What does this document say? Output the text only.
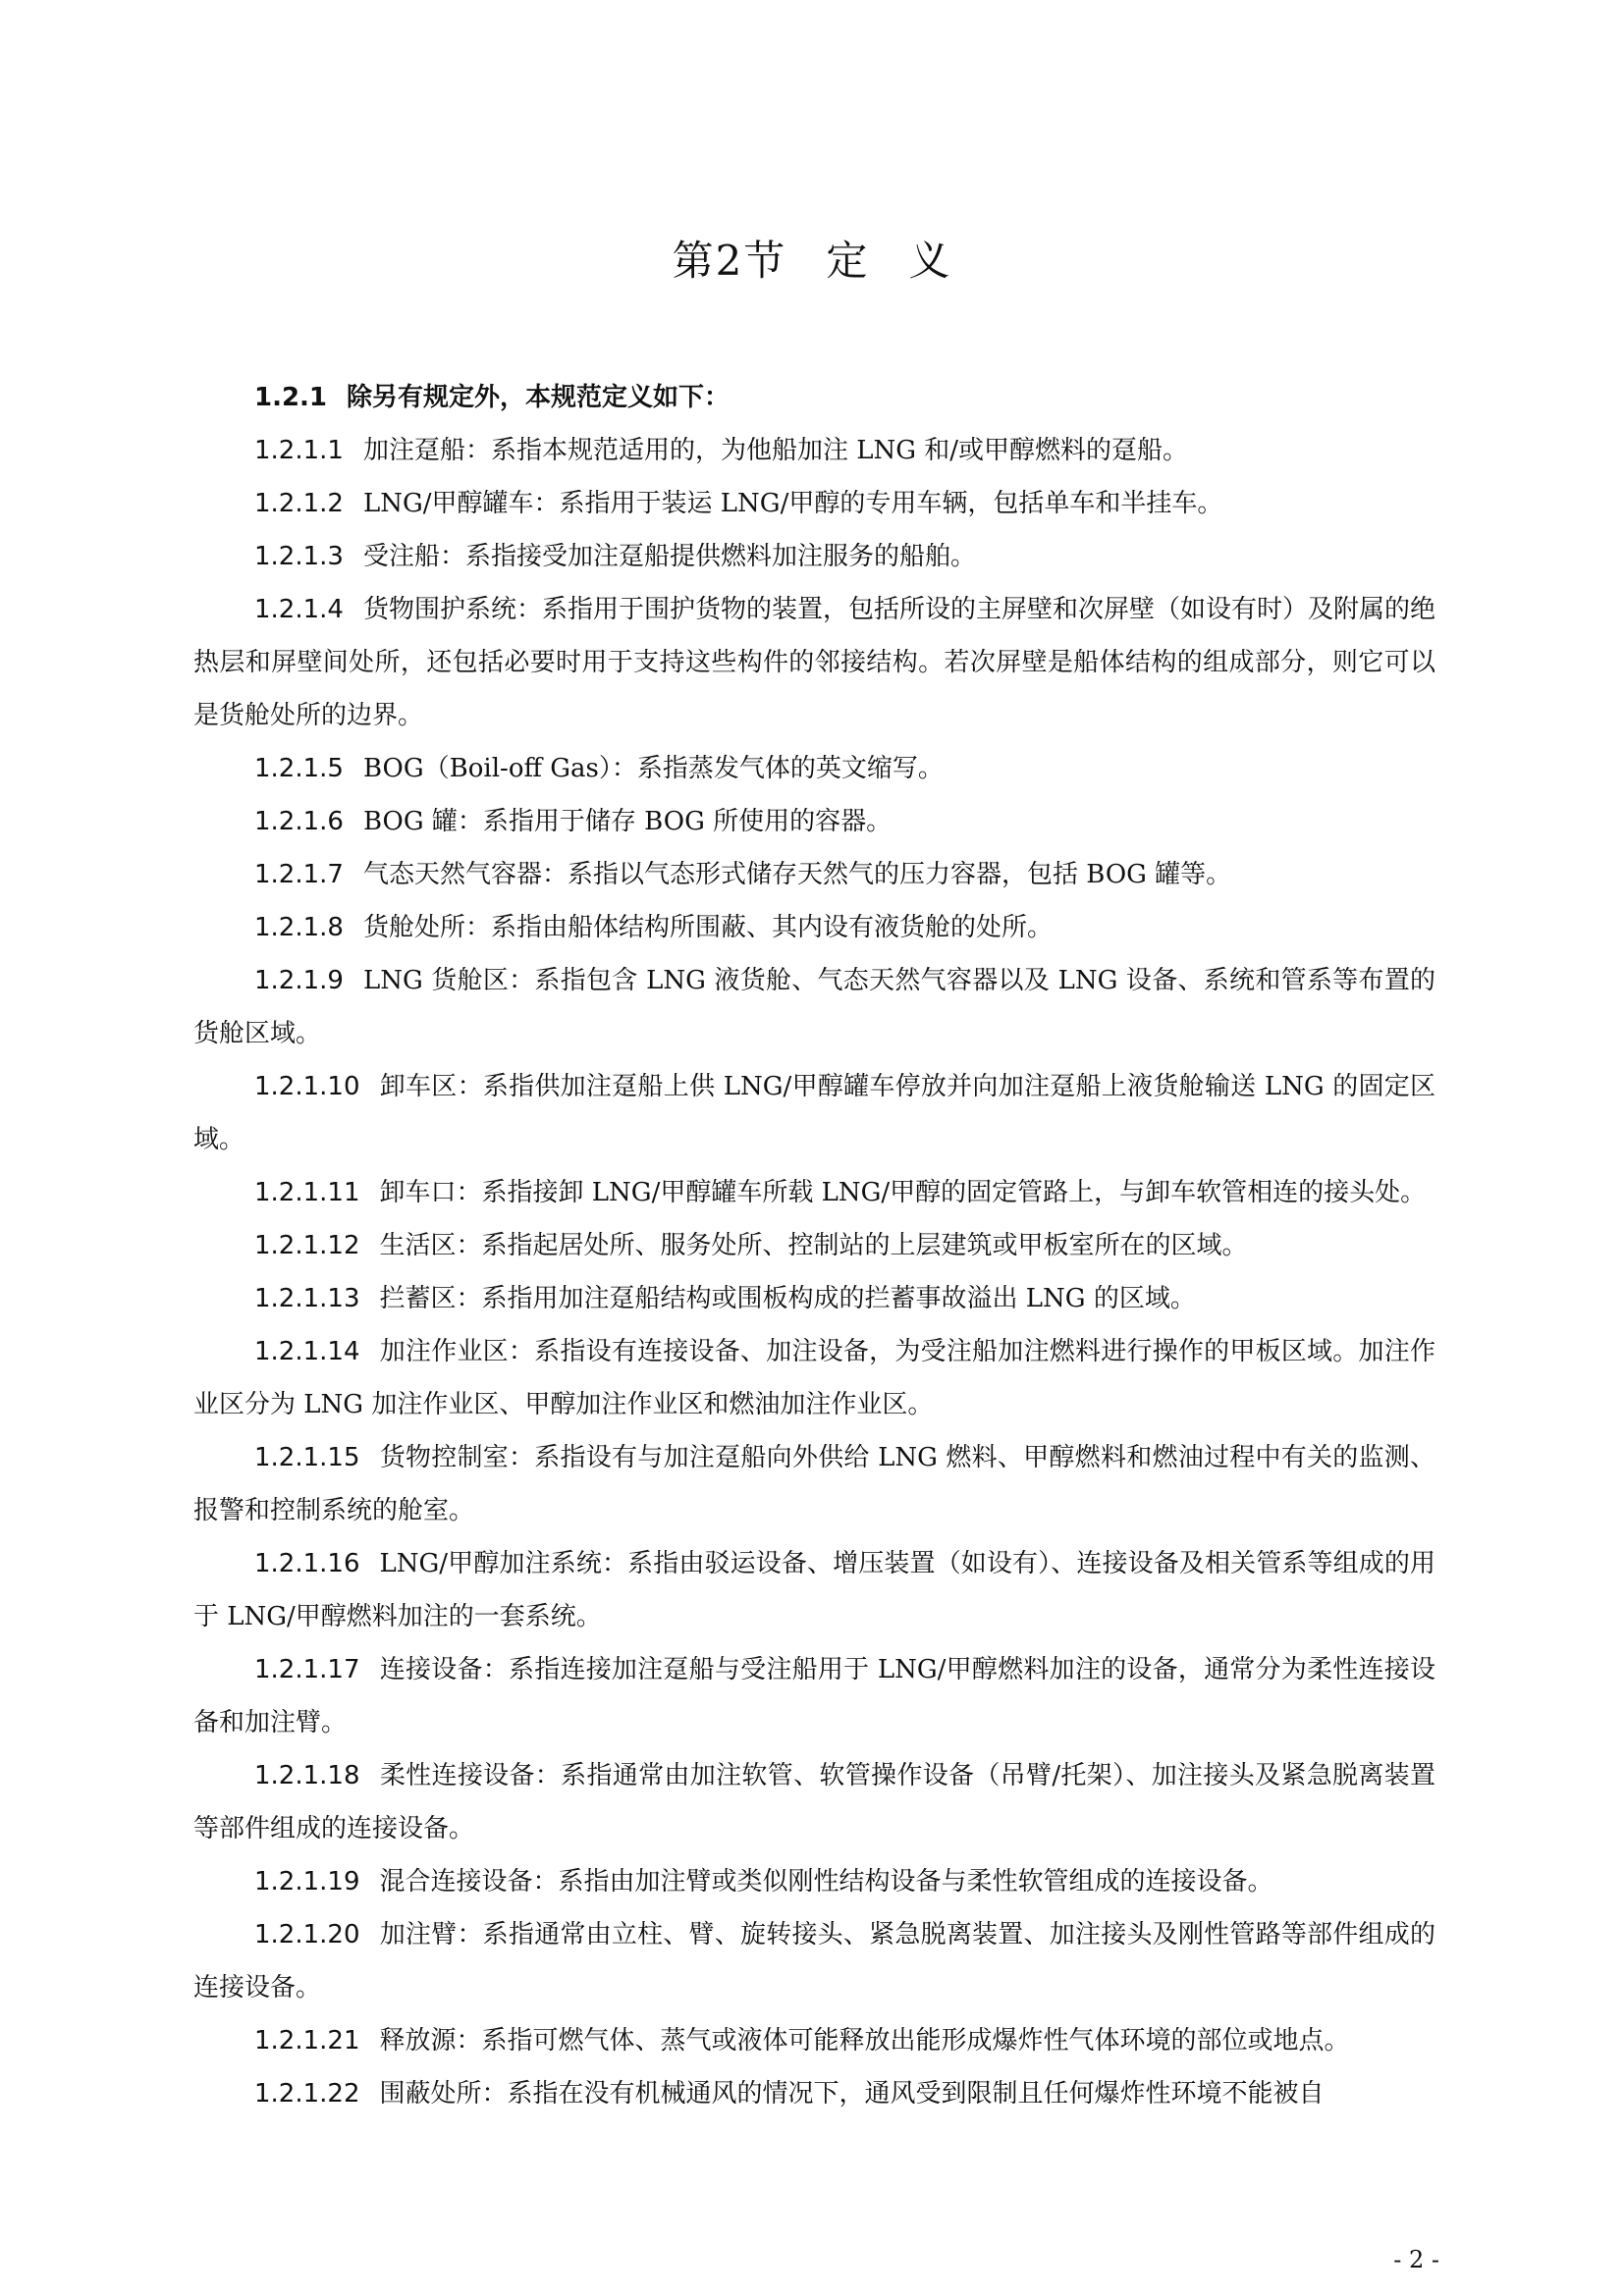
第2节 定 义

1.2.1 除另有规定外，本规范定义如下：

1.2.1.1 加注趸船：系指本规范适用的，为他船加注 LNG 和/或甲醇燃料的趸船。

1.2.1.2 LNG/甲醇罐车：系指用于装运 LNG/甲醇的专用车辆，包括单车和半挂车。

1.2.1.3 受注船：系指接受加注趸船提供燃料加注服务的船舶。

1.2.1.4 货物围护系统：系指用于围护货物的装置，包括所设的主屏壁和次屏壁（如设有时）及附属的绝热层和屏壁间处所，还包括必要时用于支持这些构件的邻接结构。若次屏壁是船体结构的组成部分，则它可以是货舱处所的边界。

1.2.1.5 BOG（Boil-off Gas）：系指蒸发气体的英文缩写。

1.2.1.6 BOG 罐：系指用于储存 BOG 所使用的容器。

1.2.1.7 气态天然气容器：系指以气态形式储存天然气的压力容器，包括 BOG 罐等。

1.2.1.8 货舱处所：系指由船体结构所围蔽、其内设有液货舱的处所。

1.2.1.9 LNG 货舱区：系指包含 LNG 液货舱、气态天然气容器以及 LNG 设备、系统和管系等布置的货舱区域。

1.2.1.10 卸车区：系指供加注趸船上供 LNG/甲醇罐车停放并向加注趸船上液货舱输送 LNG 的固定区域。

1.2.1.11 卸车口：系指接卸 LNG/甲醇罐车所载 LNG/甲醇的固定管路上，与卸车软管相连的接头处。

1.2.1.12 生活区：系指起居处所、服务处所、控制站的上层建筑或甲板室所在的区域。

1.2.1.13 拦蓄区：系指用加注趸船结构或围板构成的拦蓄事故溢出 LNG 的区域。

1.2.1.14 加注作业区：系指设有连接设备、加注设备，为受注船加注燃料进行操作的甲板区域。加注作业区分为 LNG 加注作业区、甲醇加注作业区和燃油加注作业区。

1.2.1.15 货物控制室：系指设有与加注趸船向外供给 LNG 燃料、甲醇燃料和燃油过程中有关的监测、报警和控制系统的舱室。

1.2.1.16 LNG/甲醇加注系统：系指由驳运设备、增压装置（如设有）、连接设备及相关管系等组成的用于 LNG/甲醇燃料加注的一套系统。

1.2.1.17 连接设备：系指连接加注趸船与受注船用于 LNG/甲醇燃料加注的设备，通常分为柔性连接设备和加注臂。

1.2.1.18 柔性连接设备：系指通常由加注软管、软管操作设备（吊臂/托架）、加注接头及紧急脱离装置等部件组成的连接设备。

1.2.1.19 混合连接设备：系指由加注臂或类似刚性结构设备与柔性软管组成的连接设备。

1.2.1.20 加注臂：系指通常由立柱、臂、旋转接头、紧急脱离装置、加注接头及刚性管路等部件组成的连接设备。

1.2.1.21 释放源：系指可燃气体、蒸气或液体可能释放出能形成爆炸性气体环境的部位或地点。

1.2.1.22 围蔽处所：系指在没有机械通风的情况下，通风受到限制且任何爆炸性环境不能被自

- 2 -
